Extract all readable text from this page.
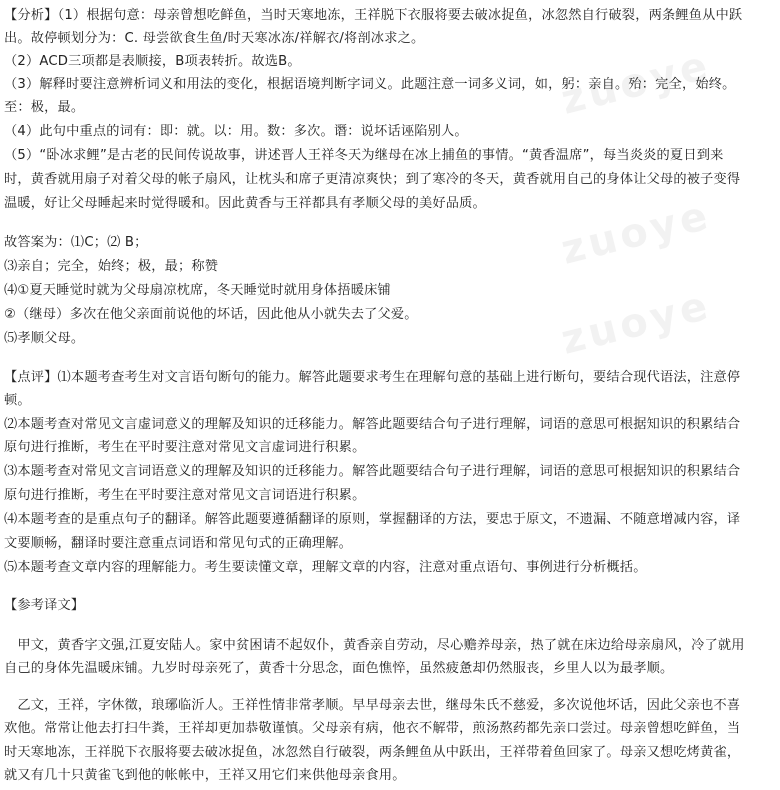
zuoye
zuoye
zuoye
【分析】（1）根据句意：母亲曾想吃鲜鱼，当时天寒地冻，王祥脱下衣服将要去破冰捉鱼，冰忽然自行破裂，两条鲤鱼从中跃
出。故停顿划分为：C. 母尝欲食生鱼/时天寒冰冻/祥解衣/将剖冰求之。
（2）ACD三项都是表顺接，B项表转折。故选B。
（3）解释时要注意辨析词义和用法的变化，根据语境判断字词义。此题注意一词多义词，如，躬：亲自。殆：完全，始终。
至：极，最。
（4）此句中重点的词有：即：就。以：用。数：多次。谮：说坏话诬陷别人。
（5）“卧冰求鲤”是古老的民间传说故事，讲述晋人王祥冬天为继母在冰上捕鱼的事情。“黄香温席”，每当炎炎的夏日到来
时，黄香就用扇子对着父母的帐子扇风，让枕头和席子更清凉爽快；到了寒冷的冬天，黄香就用自己的身体让父母的被子变得
温暖，好让父母睡起来时觉得暖和。因此黄香与王祥都具有孝顺父母的美好品质。
故答案为：⑴C；⑵ B；
⑶亲自；完全，始终；极，最；称赞
⑷①夏天睡觉时就为父母扇凉枕席，冬天睡觉时就用身体捂暖床铺
②（继母）多次在他父亲面前说他的坏话，因此他从小就失去了父爱。
⑸孝顺父母。
【点评】⑴本题考查考生对文言语句断句的能力。解答此题要求考生在理解句意的基础上进行断句，要结合现代语法，注意停
顿。
⑵本题考查对常见文言虚词意义的理解及知识的迁移能力。解答此题要结合句子进行理解，词语的意思可根据知识的积累结合
原句进行推断，考生在平时要注意对常见文言虚词进行积累。
⑶本题考查对常见文言词语意义的理解及知识的迁移能力。解答此题要结合句子进行理解，词语的意思可根据知识的积累结合
原句进行推断，考生在平时要注意对常见文言词语进行积累。
⑷本题考查的是重点句子的翻译。解答此题要遵循翻译的原则，掌握翻译的方法，要忠于原文，不遗漏、不随意增减内容，译
文要顺畅，翻译时要注意重点词语和常见句式的正确理解。
⑸本题考查文章内容的理解能力。考生要读懂文章，理解文章的内容，注意对重点语句、事例进行分析概括。
【参考译文】
　甲文，黄香字文强,江夏安陆人。家中贫困请不起奴仆，黄香亲自劳动，尽心赡养母亲，热了就在床边给母亲扇风，冷了就用
自己的身体先温暖床铺。九岁时母亲死了，黄香十分思念，面色憔悴，虽然疲惫却仍然服丧，乡里人以为最孝顺。
　乙文，王祥，字休徵，琅琊临沂人。王祥性情非常孝顺。早早母亲去世，继母朱氏不慈爱，多次说他坏话，因此父亲也不喜
欢他。常常让他去打扫牛粪，王祥却更加恭敬谨慎。父母亲有病，他衣不解带，煎汤熬药都先亲口尝过。母亲曾想吃鲜鱼，当
时天寒地冻，王祥脱下衣服将要去破冰捉鱼，冰忽然自行破裂，两条鲤鱼从中跃出，王祥带着鱼回家了。母亲又想吃烤黄雀，
就又有几十只黄雀飞到他的帐帐中，王祥又用它们来供他母亲食用。
